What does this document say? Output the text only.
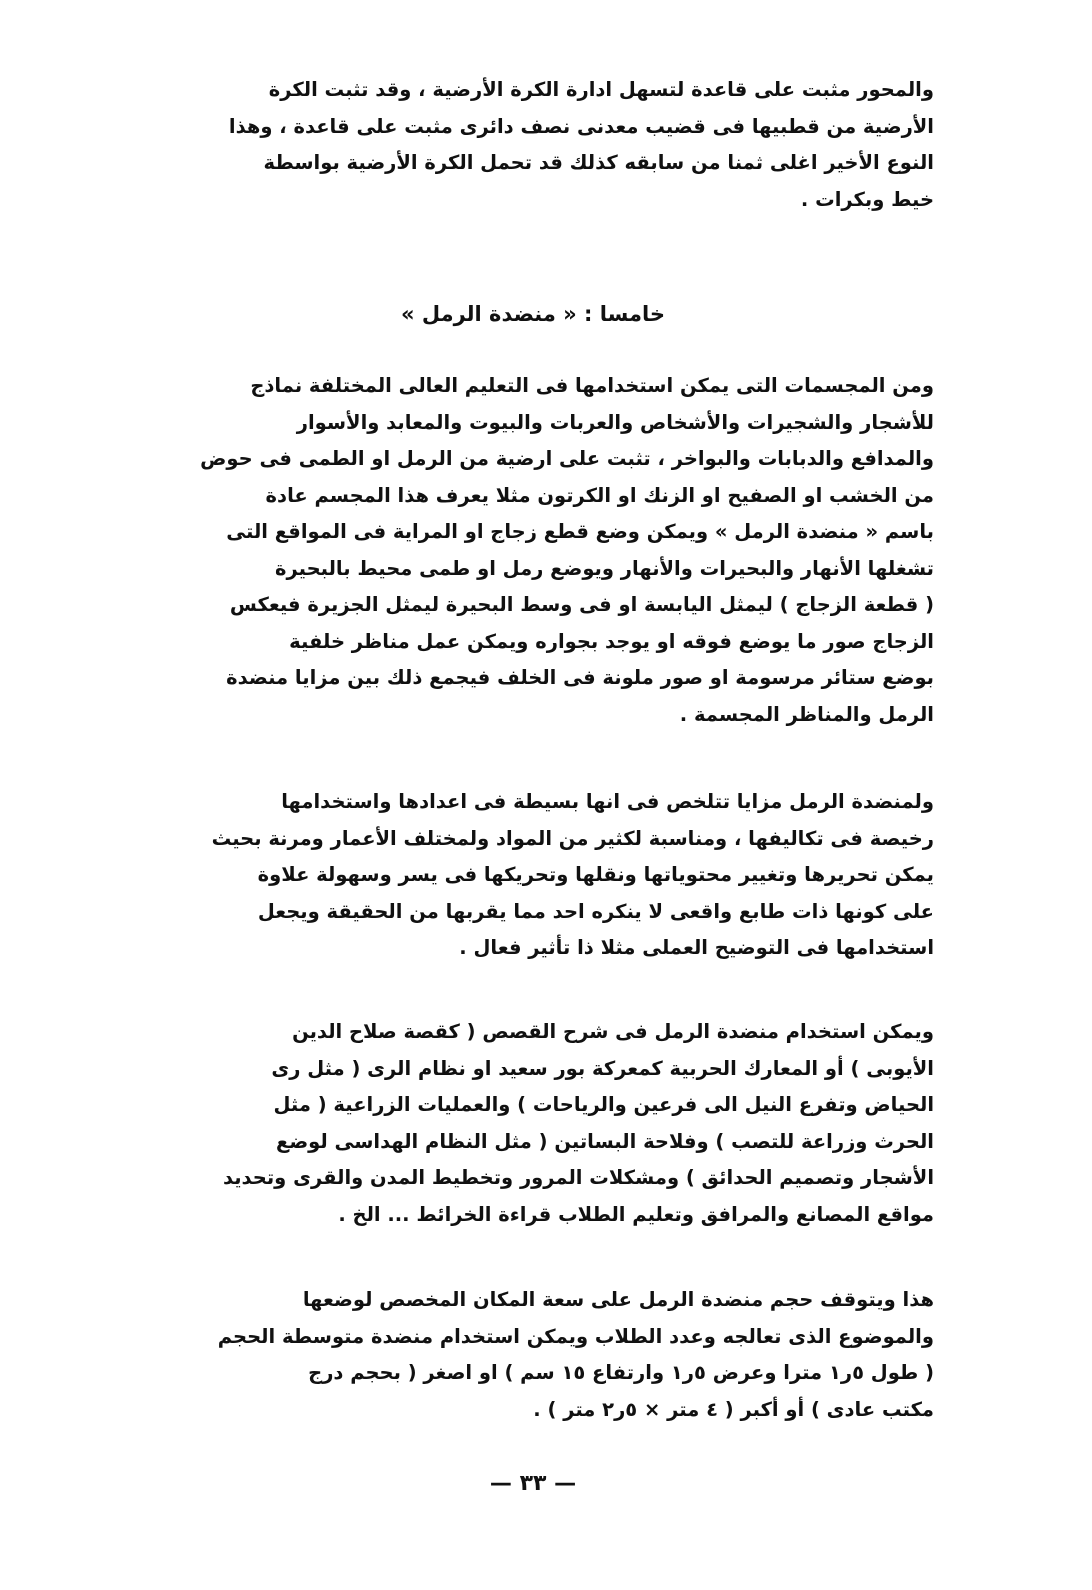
والمحور مثبت على قاعدة لتسهل ادارة الكرة الأرضية ، وقد تثبت الكرة
الأرضية من قطبيها فى قضيب معدنى نصف دائرى مثبت على قاعدة ، وهذا
النوع الأخير اغلى ثمنا من سابقه كذلك قد تحمل الكرة الأرضية بواسطة
خيط وبكرات .
خامسا : « منضدة الرمل »
ومن المجسمات التى يمكن استخدامها فى التعليم العالى المختلفة نماذج
للأشجار والشجيرات والأشخاص والعربات والبيوت والمعابد والأسوار
والمدافع والدبابات والبواخر ، تثبت على ارضية من الرمل او الطمى فى حوض
من الخشب او الصفيح او الزنك او الكرتون مثلا يعرف هذا المجسم عادة
باسم « منضدة الرمل » ويمكن وضع قطع زجاج او المراية فى المواقع التى
تشغلها الأنهار والبحيرات والأنهار ويوضع رمل او طمى محيط بالبحيرة
( قطعة الزجاج ) ليمثل اليابسة او فى وسط البحيرة ليمثل الجزيرة فيعكس
الزجاج صور ما يوضع فوقه او يوجد بجواره ويمكن عمل مناظر خلفية
بوضع ستائر مرسومة او صور ملونة فى الخلف فيجمع ذلك بين مزايا منضدة
الرمل والمناظر المجسمة .
ولمنضدة الرمل مزايا تتلخص فى انها بسيطة فى اعدادها واستخدامها
رخيصة فى تكاليفها ، ومناسبة لكثير من المواد ولمختلف الأعمار ومرنة بحيث
يمكن تحريرها وتغيير محتوياتها ونقلها وتحريكها فى يسر وسهولة علاوة
على كونها ذات طابع واقعى لا ينكره احد مما يقربها من الحقيقة ويجعل
استخدامها فى التوضيح العملى مثلا ذا تأثير فعال .
ويمكن استخدام منضدة الرمل فى شرح القصص ( كقصة صلاح الدين
الأيوبى ) أو المعارك الحربية كمعركة بور سعيد او نظام الرى ( مثل رى
الحياض وتفرع النيل الى فرعين والرياحات ) والعمليات الزراعية ( مثل
الحرث وزراعة للتصب ) وفلاحة البساتين ( مثل النظام الهداسى لوضع
الأشجار وتصميم الحدائق ) ومشكلات المرور وتخطيط المدن والقرى وتحديد
مواقع المصانع والمرافق وتعليم الطلاب قراءة الخرائط ... الخ .
هذا ويتوقف حجم منضدة الرمل على سعة المكان المخصص لوضعها
والموضوع الذى تعالجه وعدد الطلاب ويمكن استخدام منضدة متوسطة الحجم
( طول ٥ر١ مترا وعرض ٥ر١ وارتفاع ١٥ سم ) او اصغر ( بحجم درج
مكتب عادى ) أو أكبر ( ٤ متر × ٥ر٢ متر ) .
— ٣٣ —
